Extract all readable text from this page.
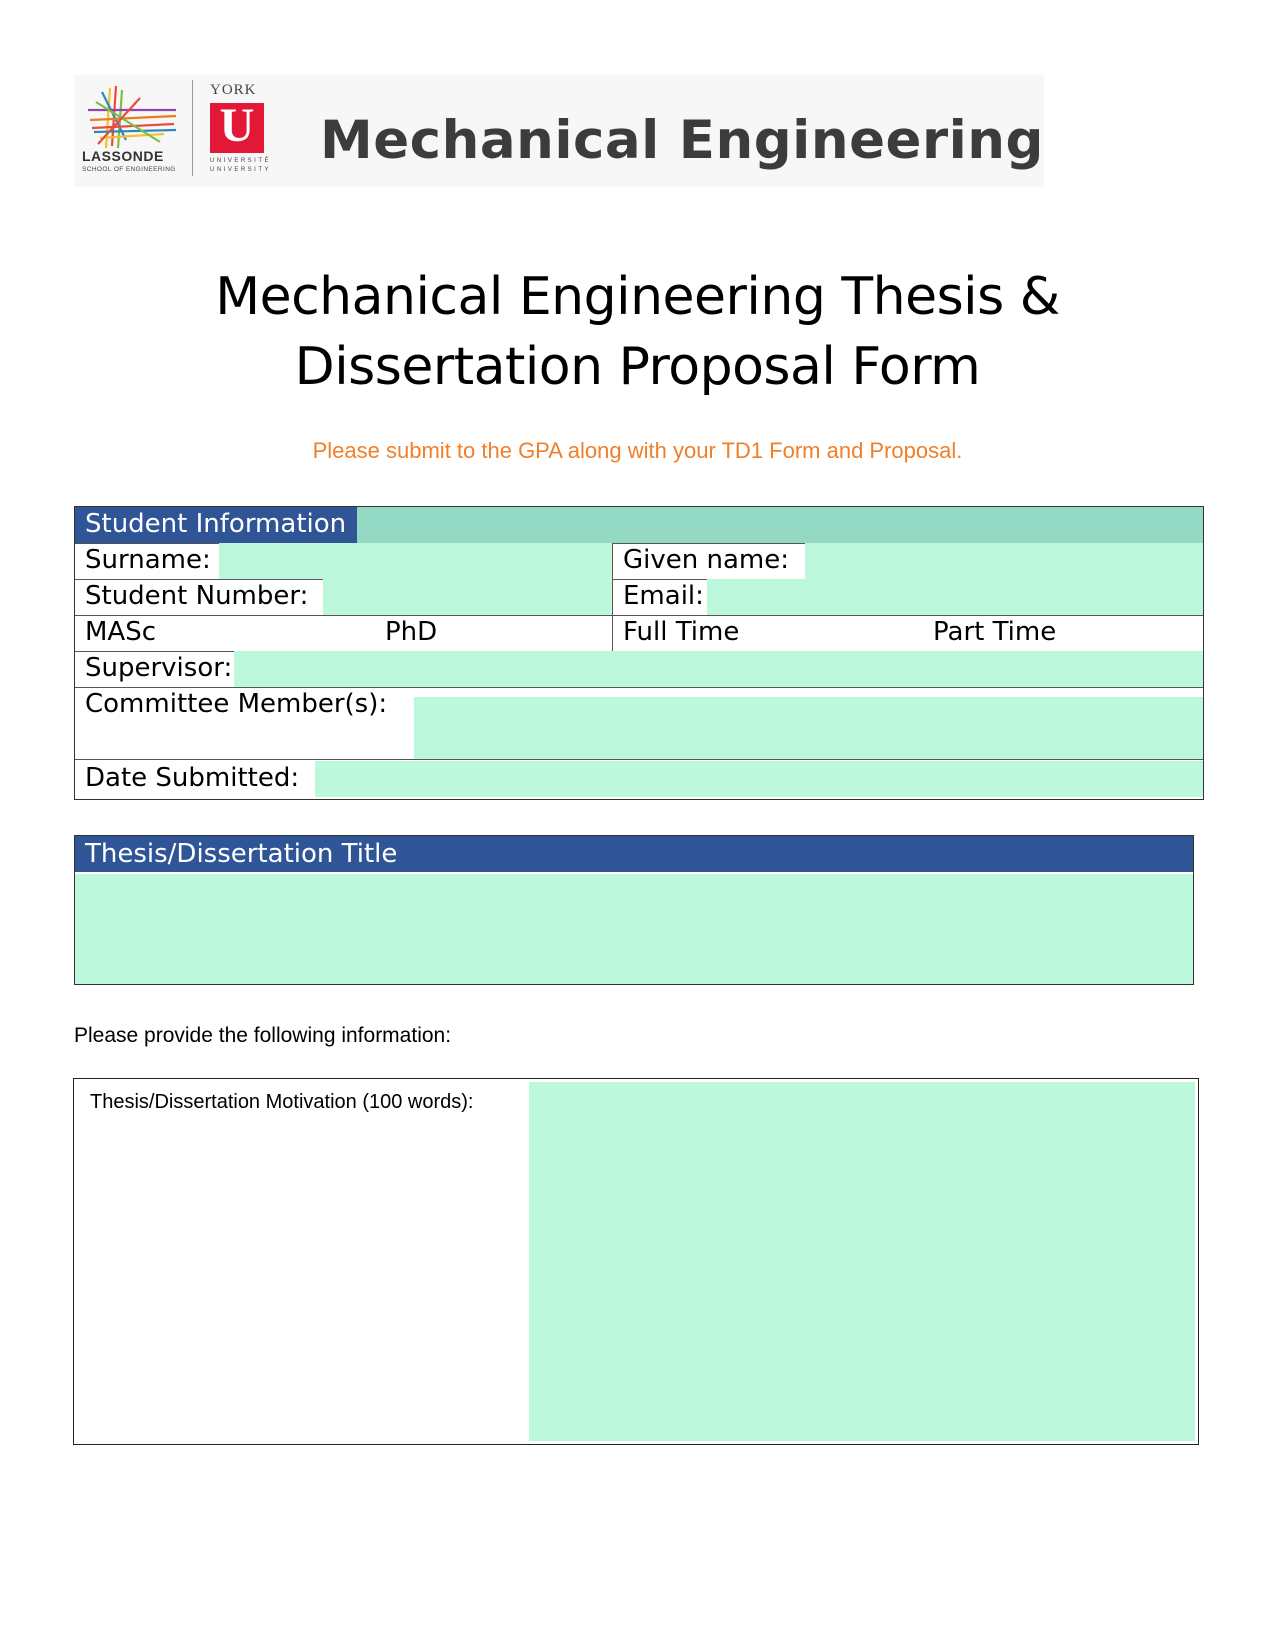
LASSONDE
SCHOOL OF ENGINEERING
YORK
U
UNIVERSITÉ
UNIVERSITY Mechanical Engineering
Mechanical Engineering Thesis &
Dissertation Proposal Form
Please submit to the GPA along with your TD1 Form and Proposal.
Student Information
Surname:	Given name:
Student Number:	Email:
MASc	PhD	Full Time	Part Time
Supervisor:
Committee Member(s):
Date Submitted:
Thesis/Dissertation Title
Please provide the following information:
Thesis/Dissertation Motivation (100 words):
